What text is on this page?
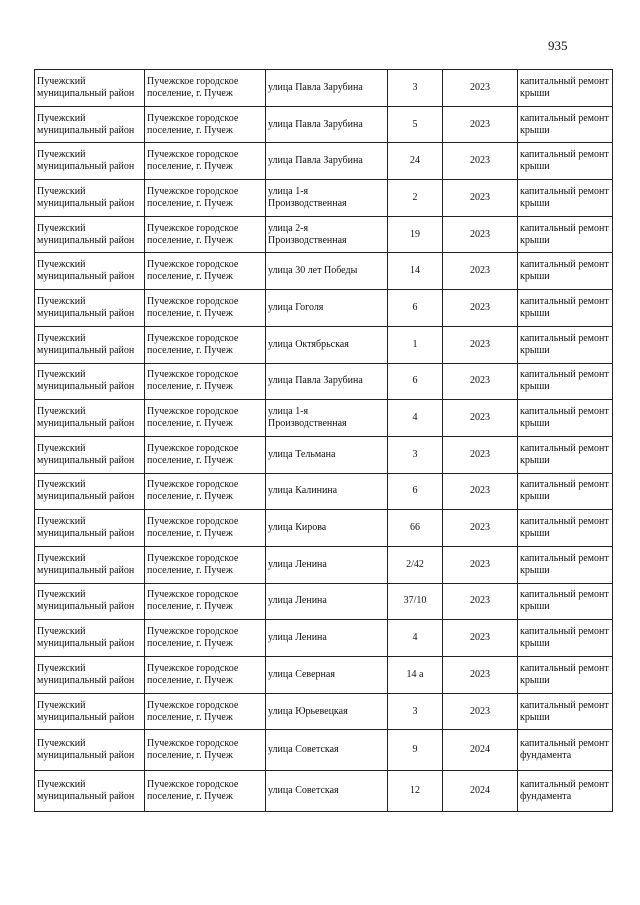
935
Пучежский муниципальный район	Пучежское городское поселение, г. Пучеж	улица Павла Зарубина	3	2023	капитальный ремонт крыши
Пучежский муниципальный район	Пучежское городское поселение, г. Пучеж	улица Павла Зарубина	5	2023	капитальный ремонт крыши
Пучежский муниципальный район	Пучежское городское поселение, г. Пучеж	улица Павла Зарубина	24	2023	капитальный ремонт крыши
Пучежский муниципальный район	Пучежское городское поселение, г. Пучеж	улица 1-я Производственная	2	2023	капитальный ремонт крыши
Пучежский муниципальный район	Пучежское городское поселение, г. Пучеж	улица 2-я Производственная	19	2023	капитальный ремонт крыши
Пучежский муниципальный район	Пучежское городское поселение, г. Пучеж	улица 30 лет Победы	14	2023	капитальный ремонт крыши
Пучежский муниципальный район	Пучежское городское поселение, г. Пучеж	улица Гоголя	6	2023	капитальный ремонт крыши
Пучежский муниципальный район	Пучежское городское поселение, г. Пучеж	улица Октябрьская	1	2023	капитальный ремонт крыши
Пучежский муниципальный район	Пучежское городское поселение, г. Пучеж	улица Павла Зарубина	6	2023	капитальный ремонт крыши
Пучежский муниципальный район	Пучежское городское поселение, г. Пучеж	улица 1-я Производственная	4	2023	капитальный ремонт крыши
Пучежский муниципальный район	Пучежское городское поселение, г. Пучеж	улица Тельмана	3	2023	капитальный ремонт крыши
Пучежский муниципальный район	Пучежское городское поселение, г. Пучеж	улица Калинина	6	2023	капитальный ремонт крыши
Пучежский муниципальный район	Пучежское городское поселение, г. Пучеж	улица Кирова	66	2023	капитальный ремонт крыши
Пучежский муниципальный район	Пучежское городское поселение, г. Пучеж	улица Ленина	2/42	2023	капитальный ремонт крыши
Пучежский муниципальный район	Пучежское городское поселение, г. Пучеж	улица Ленина	37/10	2023	капитальный ремонт крыши
Пучежский муниципальный район	Пучежское городское поселение, г. Пучеж	улица Ленина	4	2023	капитальный ремонт крыши
Пучежский муниципальный район	Пучежское городское поселение, г. Пучеж	улица Северная	14 а	2023	капитальный ремонт крыши
Пучежский муниципальный район	Пучежское городское поселение, г. Пучеж	улица Юрьевецкая	3	2023	капитальный ремонт крыши
Пучежский муниципальный район	Пучежское городское поселение, г. Пучеж	улица Советская	9	2024	капитальный ремонт фундамента
Пучежский муниципальный район	Пучежское городское поселение, г. Пучеж	улица Советская	12	2024	капитальный ремонт фундамента
